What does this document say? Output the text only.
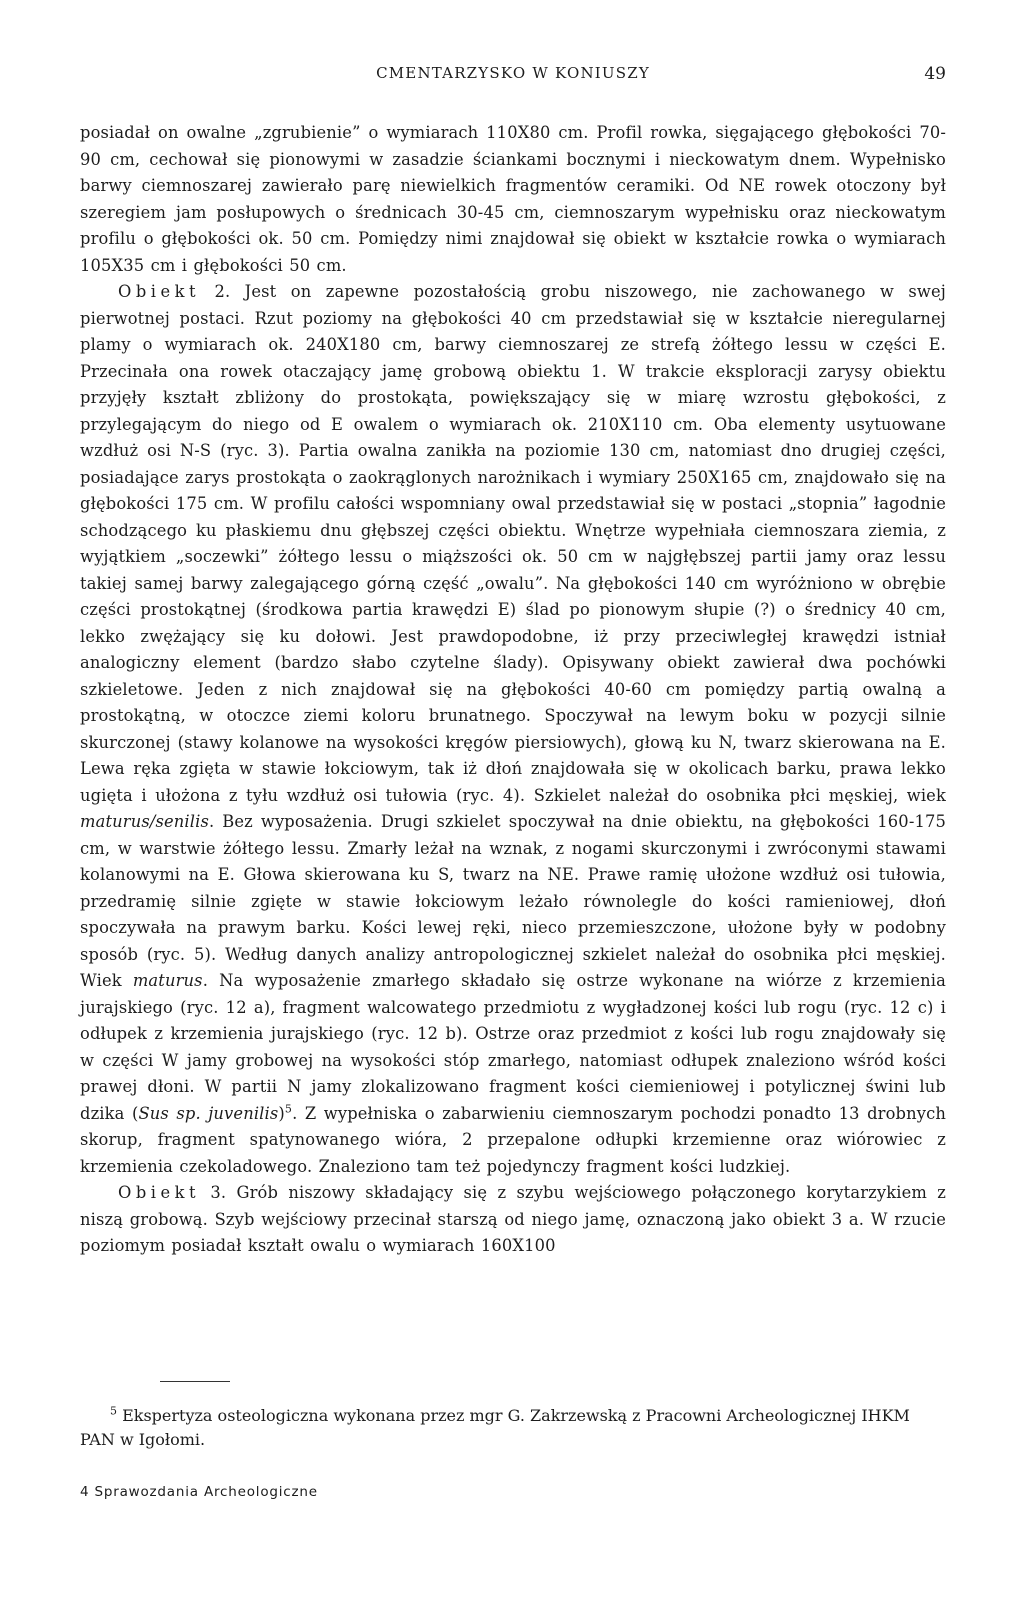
CMENTARZYSKO W KONIUSZY	49

posiadał on owalne „zgrubienie” o wymiarach 110X80 cm. Profil rowka, sięgającego głębokości 70-90 cm, cechował się pionowymi w zasadzie ściankami bocznymi i nieckowatym dnem. Wypełnisko barwy ciemnoszarej zawierało parę niewielkich fragmentów ceramiki. Od NE rowek otoczony był szeregiem jam posłupowych o średnicach 30-45 cm, ciemnoszarym wypełnisku oraz nieckowatym profilu o głębokości ok. 50 cm. Pomiędzy nimi znajdował się obiekt w kształcie rowka o wymiarach 105X35 cm i głębokości 50 cm.

Obiekt 2. Jest on zapewne pozostałością grobu niszowego, nie zachowanego w swej pierwotnej postaci. Rzut poziomy na głębokości 40 cm przedstawiał się w kształcie nieregularnej plamy o wymiarach ok. 240X180 cm, barwy ciemnoszarej ze strefą żółtego lessu w części E. Przecinała ona rowek otaczający jamę grobową obiektu 1. W trakcie eksploracji zarysy obiektu przyjęły kształt zbliżony do prostokąta, powiększający się w miarę wzrostu głębokości, z przylegającym do niego od E owalem o wymiarach ok. 210X110 cm. Oba elementy usytuowane wzdłuż osi N-S (ryc. 3). Partia owalna zanikła na poziomie 130 cm, natomiast dno drugiej części, posiadające zarys prostokąta o zaokrąglonych narożnikach i wymiary 250X165 cm, znajdowało się na głębokości 175 cm. W profilu całości wspomniany owal przedstawiał się w postaci „stopnia” łagodnie schodzącego ku płaskiemu dnu głębszej części obiektu. Wnętrze wypełniała ciemnoszara ziemia, z wyjątkiem „soczewki” żółtego lessu o miąższości ok. 50 cm w najgłębszej partii jamy oraz lessu takiej samej barwy zalegającego górną część „owalu”. Na głębokości 140 cm wyróżniono w obrębie części prostokątnej (środkowa partia krawędzi E) ślad po pionowym słupie (?) o średnicy 40 cm, lekko zwężający się ku dołowi. Jest prawdopodobne, iż przy przeciwległej krawędzi istniał analogiczny element (bardzo słabo czytelne ślady). Opisywany obiekt zawierał dwa pochówki szkieletowe. Jeden z nich znajdował się na głębokości 40-60 cm pomiędzy partią owalną a prostokątną, w otoczce ziemi koloru brunatnego. Spoczywał na lewym boku w pozycji silnie skurczonej (stawy kolanowe na wysokości kręgów piersiowych), głową ku N, twarz skierowana na E. Lewa ręka zgięta w stawie łokciowym, tak iż dłoń znajdowała się w okolicach barku, prawa lekko ugięta i ułożona z tyłu wzdłuż osi tułowia (ryc. 4). Szkielet należał do osobnika płci męskiej, wiek maturus/senilis. Bez wyposażenia. Drugi szkielet spoczywał na dnie obiektu, na głębokości 160-175 cm, w warstwie żółtego lessu. Zmarły leżał na wznak, z nogami skurczonymi i zwróconymi stawami kolanowymi na E. Głowa skierowana ku S, twarz na NE. Prawe ramię ułożone wzdłuż osi tułowia, przedramię silnie zgięte w stawie łokciowym leżało równolegle do kości ramieniowej, dłoń spoczywała na prawym barku. Kości lewej ręki, nieco przemieszczone, ułożone były w podobny sposób (ryc. 5). Według danych analizy antropologicznej szkielet należał do osobnika płci męskiej. Wiek maturus. Na wyposażenie zmarłego składało się ostrze wykonane na wiórze z krzemienia jurajskiego (ryc. 12 a), fragment walcowatego przedmiotu z wygładzonej kości lub rogu (ryc. 12 c) i odłupek z krzemienia jurajskiego (ryc. 12 b). Ostrze oraz przedmiot z kości lub rogu znajdowały się w części W jamy grobowej na wysokości stóp zmarłego, natomiast odłupek znaleziono wśród kości prawej dłoni. W partii N jamy zlokalizowano fragment kości ciemieniowej i potylicznej świni lub dzika (Sus sp. juvenilis)$^5$. Z wypełniska o zabarwieniu ciemnoszarym pochodzi ponadto 13 drobnych skorup, fragment spatynowanego wióra, 2 przepalone odłupki krzemienne oraz wiórowiec z krzemienia czekoladowego. Znaleziono tam też pojedynczy fragment kości ludzkiej.

Obiekt 3. Grób niszowy składający się z szybu wejściowego połączonego korytarzykiem z niszą grobową. Szyb wejściowy przecinał starszą od niego jamę, oznaczoną jako obiekt 3 a. W rzucie poziomym posiadał kształt owalu o wymiarach 160X100

$^5$ Ekspertyza osteologiczna wykonana przez mgr G. Zakrzewską z Pracowni Archeologicznej IHKM PAN w Igołomi.
4 Sprawozdania Archeologiczne
